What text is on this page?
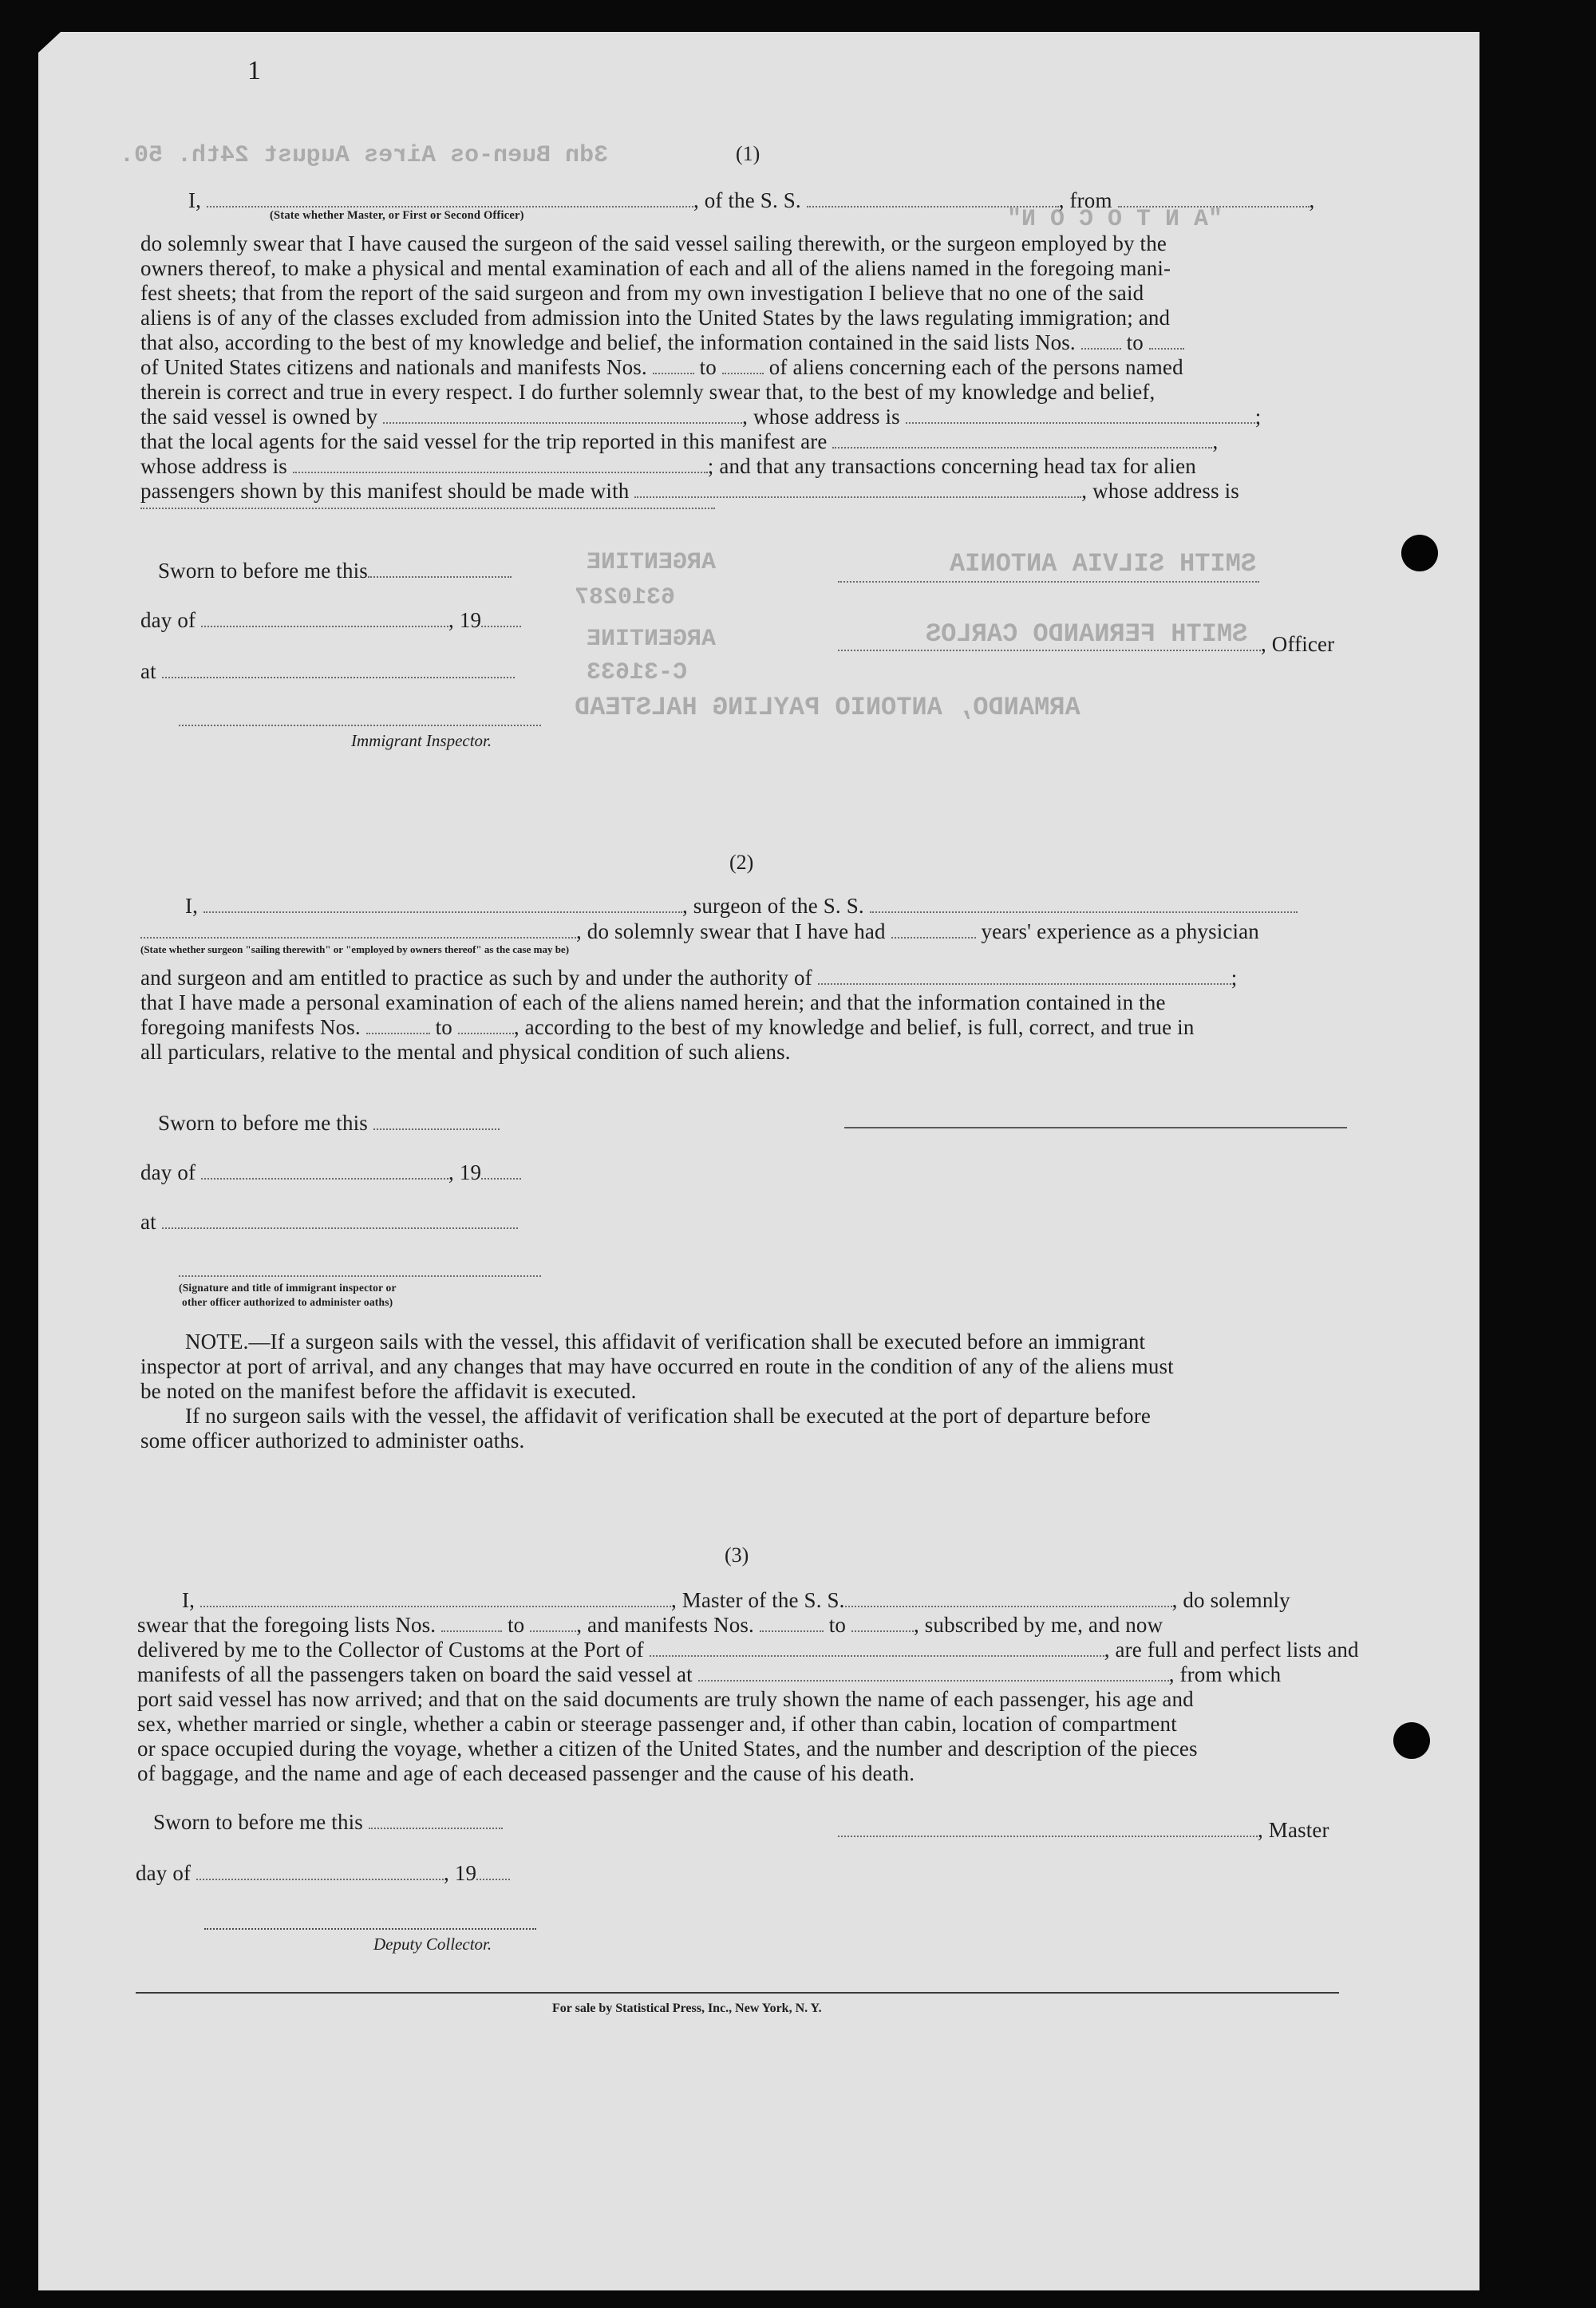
3dn Buen-os Aires August 24th. 50.
"A N T O C O N"
ARGENTINE
6310287
ARGENTINE
C-31633
SMITH SILVIA ANTONIA
SMITH FERNANDO CARLOS
ARMANDO, ANTONIO PAYLING HALSTEAD
1
(1)
I,	, of the S. S.	, from	,
(State whether Master, or First or Second Officer)
do solemnly swear that I have caused the surgeon of the said vessel sailing therewith, or the surgeon employed by the
owners thereof, to make a physical and mental examination of each and all of the aliens named in the foregoing mani-
fest sheets; that from the report of the said surgeon and from my own investigation I believe that no one of the said
aliens is of any of the classes excluded from admission into the United States by the laws regulating immigration; and
that also, according to the best of my knowledge and belief, the information contained in the said lists Nos. to
of United States citizens and nationals and manifests Nos. to of aliens concerning each of the persons named
therein is correct and true in every respect. I do further solemnly swear that, to the best of my knowledge and belief,
the said vessel is owned by	, whose address is	;
that the local agents for the said vessel for the trip reported in this manifest are	,
whose address is	; and that any transactions concerning head tax for alien
passengers shown by this manifest should be made with	, whose address is
Sworn to before me this
day of	, 19
at
Immigrant Inspector.
, Officer
(2)
I,	, surgeon of the S. S.
, do solemnly swear that I have had	years' experience as a physician
(State whether surgeon "sailing therewith" or "employed by owners thereof" as the case may be)
and surgeon and am entitled to practice as such by and under the authority of	;
that I have made a personal examination of each of the aliens named herein; and that the information contained in the
foregoing manifests Nos.	to	, according to the best of my knowledge and belief, is full, correct, and true in
all particulars, relative to the mental and physical condition of such aliens.
Sworn to before me this
day of	, 19
at
(Signature and title of immigrant inspector or
other officer authorized to administer oaths)
NOTE.—If a surgeon sails with the vessel, this affidavit of verification shall be executed before an immigrant
inspector at port of arrival, and any changes that may have occurred en route in the condition of any of the aliens must
be noted on the manifest before the affidavit is executed.
If no surgeon sails with the vessel, the affidavit of verification shall be executed at the port of departure before
some officer authorized to administer oaths.
(3)
I,	, Master of the S. S.	, do solemnly
swear that the foregoing lists Nos.	to , and manifests Nos.	to	, subscribed by me, and now
delivered by me to the Collector of Customs at the Port of	, are full and perfect lists and
manifests of all the passengers taken on board the said vessel at	, from which
port said vessel has now arrived; and that on the said documents are truly shown the name of each passenger, his age and
sex, whether married or single, whether a cabin or steerage passenger and, if other than cabin, location of compartment
or space occupied during the voyage, whether a citizen of the United States, and the number and description of the pieces
of baggage, and the name and age of each deceased passenger and the cause of his death.
Sworn to before me this	, Master
day of	, 19
Deputy Collector.
For sale by Statistical Press, Inc., New York, N. Y.
